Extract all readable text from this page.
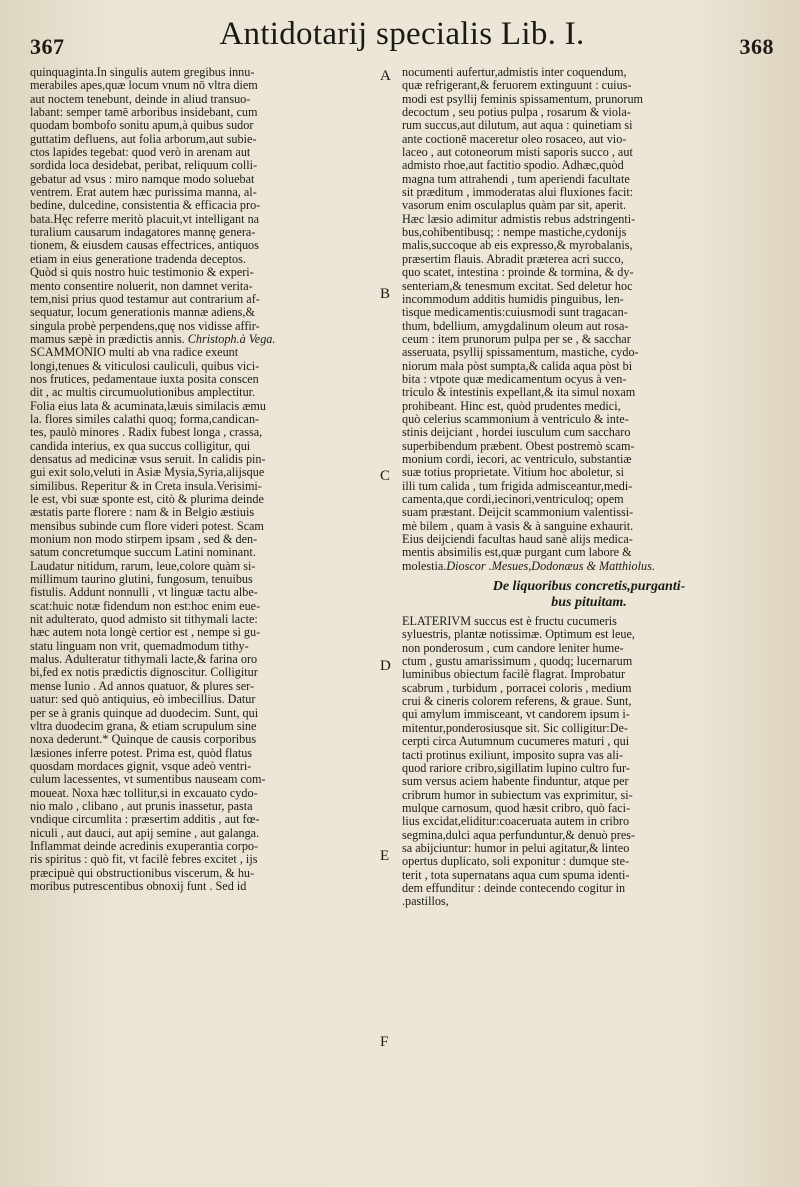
367	Antidotarij specialis Lib. I.	368

quinquaginta.In singulis autem gregibus innu-
merabiles apes,quæ locum vnum nō vltra diem
aut noctem tenebunt, deinde in aliud transuo-
labant: semper tamē arboribus insidebant, cum
quodam bombofo sonitu apum,à quibus sudor
guttatim defluens, aut folia arborum,aut subie-
ctos lapides tegebat: quod verò in arenam aut
sordida loca desidebat, peribat, reliquum colli-
gebatur ad vsus : miro namque modo soluebat
ventrem. Erat autem hæc purissima manna, al-
bedine, dulcedine, consistentia & efficacia pro-
bata.Hęc referre meritò placuit,vt intelligant na
turalium causarum indagatores mannę genera-
tionem, & eiusdem causas effectrices, antiquos
etiam in eius generatione tradenda deceptos.
Quòd si quis nostro huic testimonio & experi-
mento consentire noluerit, non damnet verita-
tem,nisi prius quod testamur aut contrarium af-
sequatur, locum generationis mannæ adiens,&
singula probè perpendens,quę nos vidisse affir-
mamus sæpè in prædictis annis. Christoph.à Vega.

SCAMMONIO multi ab vna radice exeunt
longi,tenues & viticulosi cauliculi, quibus vici-
nos frutices, pedamentaue iuxta posita conscen
dit , ac multis circumuolutionibus amplectitur.
Folia eius lata & acuminata,læuis similacis æmu
la. flores similes calathi quoq; forma,candican-
tes, paulò minores . Radix fubest longa , crassa,
candida interius, ex qua succus colligitur, qui
densatus ad medicinæ vsus seruit. In calidis pin-
gui exit solo,veluti in Asiæ Mysia,Syria,alijsque
similibus. Reperitur & in Creta insula.Verisimi-
le est, vbi suæ sponte est, citò & plurima deinde
æstatis parte florere : nam & in Belgio æstiuis
mensibus subinde cum flore videri potest. Scam
monium non modo stirpem ipsam , sed & den-
satum concretumque succum Latini nominant.
Laudatur nitidum, rarum, leue,colore quàm si-
millimum taurino glutini, fungosum, tenuibus
fistulis. Addunt nonnulli , vt linguæ tactu albe-
scat:huic notæ fidendum non est:hoc enim eue-
nit adulterato, quod admisto sit tithymali lacte:
hæc autem nota longè certior est , nempe si gu-
statu linguam non vrit, quemadmodum tithy-
malus. Adulteratur tithymali lacte,& farina oro
bi,fed ex notis prædictis dignoscitur. Colligitur
mense Iunio . Ad annos quatuor, & plures ser-
uatur: sed quò antiquius, eò imbecillius. Datur
per se à granis quinque ad duodecim. Sunt, qui
vltra duodecim grana, & etiam scrupulum sine
noxa dederunt.* Quinque de causis corporibus
læsiones inferre potest. Prima est, quòd flatus
quosdam mordaces gignit, vsque adeò ventri-
culum lacessentes, vt sumentibus nauseam com-
moueat. Noxa hæc tollitur,si in excauato cydo-
nio malo , clibano , aut prunis inassetur, pasta
vndique circumlita : præsertim additis , aut fœ-
niculi , aut dauci, aut apij semine , aut galanga.
Inflammat deinde acredinis exuperantia corpo-
ris spiritus : quò fit, vt facilè febres excitet , ijs
præcipuè qui obstructionibus viscerum, & hu-
moribus putrescentibus obnoxij funt . Sed id

A
B
C
D
E
F

nocumenti aufertur,admistis inter coquendum,
quæ refrigerant,& feruorem extinguunt : cuius-
modi est psyllij feminis spissamentum, prunorum
decoctum , seu potius pulpa , rosarum & viola-
rum succus,aut dilutum, aut aqua : quinetiam si
ante coctionē maceretur oleo rosaceo, aut vio-
laceo , aut cotoneorum misti saporis succo , aut
admisto rhoe,aut factitio spodio. Adhæc,quòd
magna tum attrahendi , tum aperiendi facultate
sit præditum , immoderatas alui fluxiones facit:
vasorum enim osculaplus quàm par sit, aperit.
Hæc læsio adimitur admistis rebus adstringenti-
bus,cohibentibusq; : nempe mastiche,cydonijs
malis,succoque ab eis expresso,& myrobalanis,
præsertim flauis. Abradit præterea acri succo,
quo scatet, intestina : proinde & tormina, & dy-
senteriam,& tenesmum excitat. Sed deletur hoc
incommodum additis humidis pinguibus, len-
tisque medicamentis:cuiusmodi sunt tragacan-
thum, bdellium, amygdalinum oleum aut rosa-
ceum : item prunorum pulpa per se , & sacchar
asseruata, psyllij spissamentum, mastiche, cydo-
niorum mala pòst sumpta,& calida aqua pòst bi
bita : vtpote quæ medicamentum ocyus à ven-
triculo & intestinis expellant,& ita simul noxam
prohibeant. Hinc est, quòd prudentes medici,
quò celerius scammonium à ventriculo & inte-
stinis deijciant , hordei iusculum cum saccharo
superbibendum præbent. Obest postremò scam-
monium cordi, iecori, ac ventriculo, substantiæ
suæ totius proprietate. Vitium hoc aboletur, si
illi tum calida , tum frigida admisceantur,medi-
camenta,que cordi,iecinori,ventriculoq; opem
suam præstant. Deijcit scammonium valentissi-
mè bilem , quam à vasis & à sanguine exhaurit.
Eius deijciendi facultas haud sanè alijs medica-
mentis absimilis est,quæ purgant cum labore &
molestia.Dioscor .Mesues,Dodonæus & Matthiolus.

De liquoribus concretis,purganti-
bus pituitam.

ELATERIVM succus est è fructu cucumeris
syluestris, plantæ notissimæ. Optimum est leue,
non ponderosum , cum candore leniter hume-
ctum , gustu amarissimum , quodq; lucernarum
luminibus obiectum facilè flagrat. Improbatur
scabrum , turbidum , porracei coloris , medium
crui & cineris colorem referens, & graue. Sunt,
qui amylum immisceant, vt candorem ipsum i-
mitentur,ponderosiusque sit. Sic colligitur:De-
cerpti circa Autumnum cucumeres maturi , qui
tacti protinus exiliunt, imposito supra vas ali-
quod rariore cribro,sigillatim lupino cultro fur-
sum versus aciem habente finduntur, atque per
cribrum humor in subiectum vas exprimitur, si-
mulque carnosum, quod hæsit cribro, quò faci-
lius excidat,eliditur:coaceruata autem in cribro
segmina,dulci aqua perfunduntur,& denuò pres-
sa abijciuntur: humor in pelui agitatur,& linteo
opertus duplicato, soli exponitur : dumque ste-
terit , tota supernatans aqua cum spuma identi-
dem effunditur : deinde contecendo cogitur in
.pastillos,
